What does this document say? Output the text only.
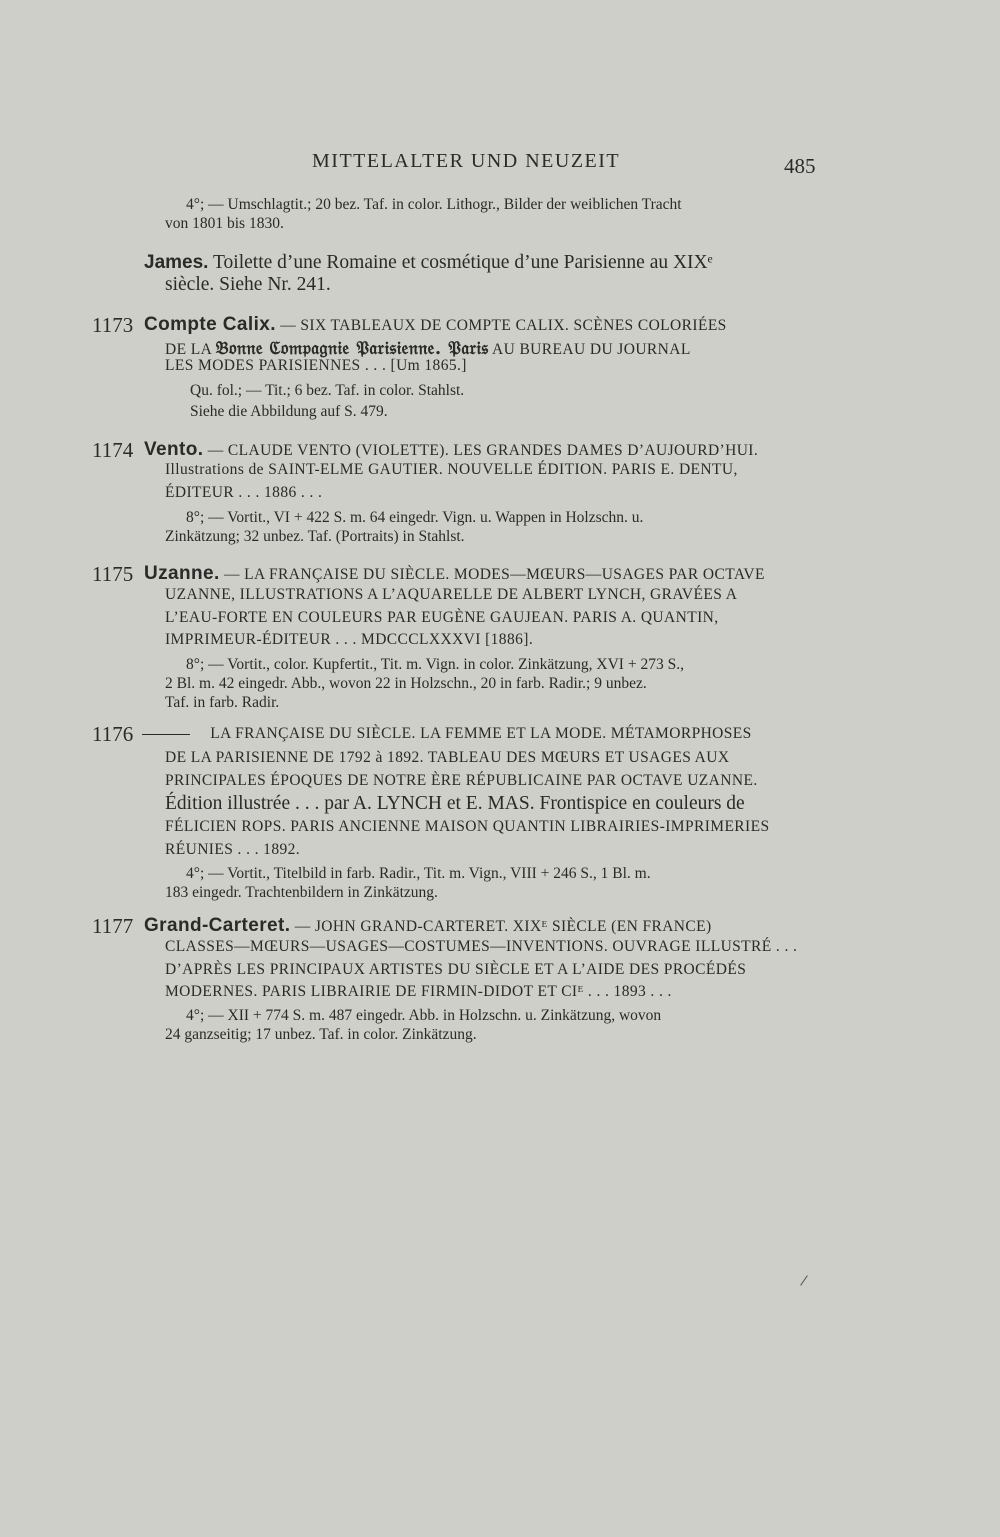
MITTELALTER UND NEUZEIT	485
4°; — Umschlagtit.; 20 bez. Taf. in color. Lithogr., Bilder der weiblichen Tracht
von 1801 bis 1830.
James. Toilette d’une Romaine et cosmétique d’une Parisienne au XIXᵉ
siècle. Siehe Nr. 241.
1173 Compte Calix. — SIX TABLEAUX DE COMPTE CALIX. SCÈNES COLORIÉES
DE LA 𝔅𝔬𝔫𝔫𝔢 ℭ𝔬𝔪𝔭𝔞𝔤𝔫𝔦𝔢 𝔓𝔞𝔯𝔦𝔰𝔦𝔢𝔫𝔫𝔢. 𝔓𝔞𝔯𝔦𝔰 AU BUREAU DU JOURNAL
LES MODES PARISIENNES . . . [Um 1865.]
Qu. fol.; — Tit.; 6 bez. Taf. in color. Stahlst.
Siehe die Abbildung auf S. 479.
1174 Vento. — CLAUDE VENTO (VIOLETTE). LES GRANDES DAMES D’AUJOURD’HUI.
Illustrations de SAINT-ELME GAUTIER. NOUVELLE ÉDITION. PARIS E. DENTU,
ÉDITEUR . . . 1886 . . .
8°; — Vortit., VI + 422 S. m. 64 eingedr. Vign. u. Wappen in Holzschn. u.
Zinkätzung; 32 unbez. Taf. (Portraits) in Stahlst.
1175 Uzanne. — LA FRANÇAISE DU SIÈCLE. MODES—MŒURS—USAGES PAR OCTAVE
UZANNE, ILLUSTRATIONS A L’AQUARELLE DE ALBERT LYNCH, GRAVÉES A
L’EAU-FORTE EN COULEURS PAR EUGÈNE GAUJEAN. PARIS A. QUANTIN,
IMPRIMEUR-ÉDITEUR . . . MDCCCLXXXVI [1886].
8°; — Vortit., color. Kupfertit., Tit. m. Vign. in color. Zinkätzung, XVI + 273 S.,
2 Bl. m. 42 eingedr. Abb., wovon 22 in Holzschn., 20 in farb. Radir.; 9 unbez.
Taf. in farb. Radir.
1176	LA FRANÇAISE DU SIÈCLE. LA FEMME ET LA MODE. MÉTAMORPHOSES
DE LA PARISIENNE DE 1792 à 1892. TABLEAU DES MŒURS ET USAGES AUX
PRINCIPALES ÉPOQUES DE NOTRE ÈRE RÉPUBLICAINE PAR OCTAVE UZANNE.
Édition illustrée . . . par A. LYNCH et E. MAS. Frontispice en couleurs de
FÉLICIEN ROPS. PARIS ANCIENNE MAISON QUANTIN LIBRAIRIES-IMPRIMERIES
RÉUNIES . . . 1892.
4°; — Vortit., Titelbild in farb. Radir., Tit. m. Vign., VIII + 246 S., 1 Bl. m.
183 eingedr. Trachtenbildern in Zinkätzung.
1177 Grand-Carteret. — JOHN GRAND-CARTERET. XIXᴱ SIÈCLE (EN FRANCE)
CLASSES—MŒURS—USAGES—COSTUMES—INVENTIONS. OUVRAGE ILLUSTRÉ . . .
D’APRÈS LES PRINCIPAUX ARTISTES DU SIÈCLE ET A L’AIDE DES PROCÉDÉS
MODERNES. PARIS LIBRAIRIE DE FIRMIN-DIDOT ET CIᴱ . . . 1893 . . .
4°; — XII + 774 S. m. 487 eingedr. Abb. in Holzschn. u. Zinkätzung, wovon
24 ganzseitig; 17 unbez. Taf. in color. Zinkätzung.
